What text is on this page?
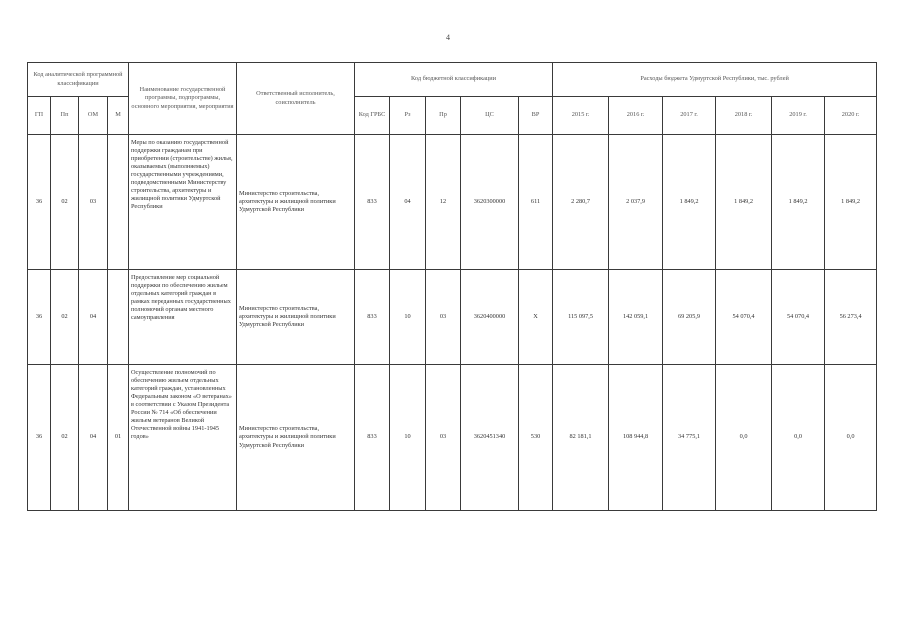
4
Код аналитической программной классификации				Наименование государственной программы, подпрограммы, основного мероприятия, мероприятия	Ответственный исполнитель, соисполнитель	Код бюджетной классификации					Расходы бюджета Удмуртской Республики, тыс. рублей					
ГП	Пп	ОМ	М			Код ГРБС	Рз	Пр	ЦС	ВР	2015 г.	2016 г.	2017 г.	2018 г.	2019 г.	2020 г.
36	02	03		Меры по оказанию государственной поддержки гражданам при приобретении (строительстве) жилья, оказываемых (выполняемых) государственными учреждениями, подведомственными Министерству строительства, архитектуры и жилищной политики Удмуртской Республики	Министерство строительства, архитектуры и жилищной политики Удмуртской Республики	833	04	12	3620300000	611	2 280,7	2 037,9	1 849,2	1 849,2	1 849,2	1 849,2
36	02	04		Предоставление мер социальной поддержки по обеспечению жильем отдельных категорий граждан в рамках переданных государственных полномочий органам местного самоуправления	Министерство строительства, архитектуры и жилищной политики Удмуртской Республики	833	10	03	3620400000	Х	115 097,5	142 059,1	69 205,9	54 070,4	54 070,4	56 273,4
36	02	04	01	Осуществление полномочий по обеспечению жильем отдельных категорий граждан, установленных Федеральным законом «О ветеранах» в соответствии с Указом Президента России № 714 «Об обеспечении жильем ветеранов Великой Отечественной войны 1941-1945 годов»	Министерство строительства, архитектуры и жилищной политики Удмуртской Республики	833	10	03	3620451340	530	82 181,1	108 944,8	34 775,1	0,0	0,0	0,0
